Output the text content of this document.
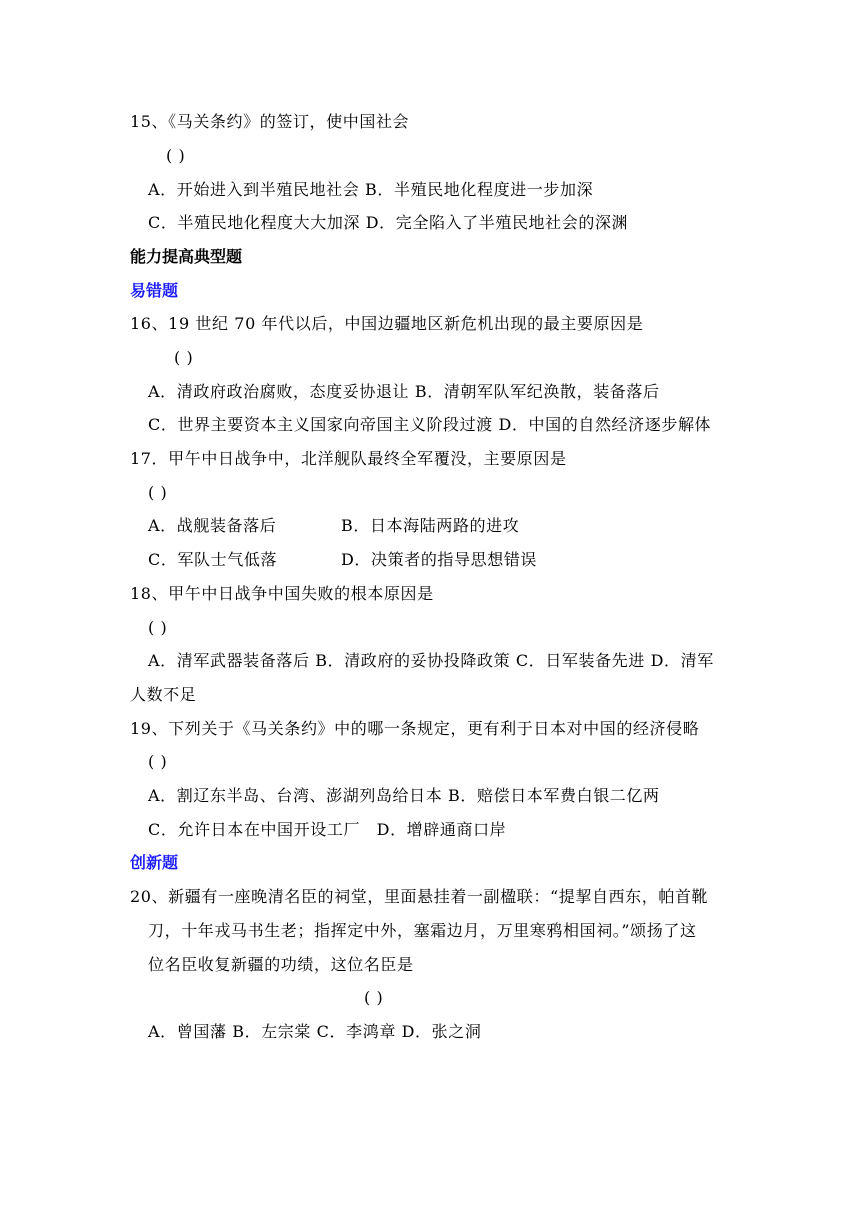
15、《马关条约》的签订，使中国社会
( )
A．开始进入到半殖民地社会 B．半殖民地化程度进一步加深
C．半殖民地化程度大大加深 D．完全陷入了半殖民地社会的深渊
能力提高典型题
易错题
16、19 世纪 70 年代以后，中国边疆地区新危机出现的最主要原因是
( )
A．清政府政治腐败，态度妥协退让 B．清朝军队军纪涣散，装备落后
C．世界主要资本主义国家向帝国主义阶段过渡 D．中国的自然经济逐步解体
17．甲午中日战争中，北洋舰队最终全军覆没，主要原因是
( )
A．战舰装备落后	B．日本海陆两路的进攻
C．军队士气低落	D．决策者的指导思想错误
18、甲午中日战争中国失败的根本原因是
( )
A．清军武器装备落后 B．清政府的妥协投降政策 C．日军装备先进 D．清军
人数不足
19、下列关于《马关条约》中的哪一条规定，更有利于日本对中国的经济侵略
( )
A．割辽东半岛、台湾、澎湖列岛给日本 B．赔偿日本军费白银二亿两
C．允许日本在中国开设工厂　D．增辟通商口岸
创新题
20、新疆有一座晚清名臣的祠堂，里面悬挂着一副楹联：“提挈自西东，帕首靴
刀，十年戎马书生老；指挥定中外，塞霜边月，万里寒鸦相国祠。”颂扬了这
位名臣收复新疆的功绩，这位名臣是
( )
A．曾国藩 B．左宗棠 C．李鸿章 D．张之洞
